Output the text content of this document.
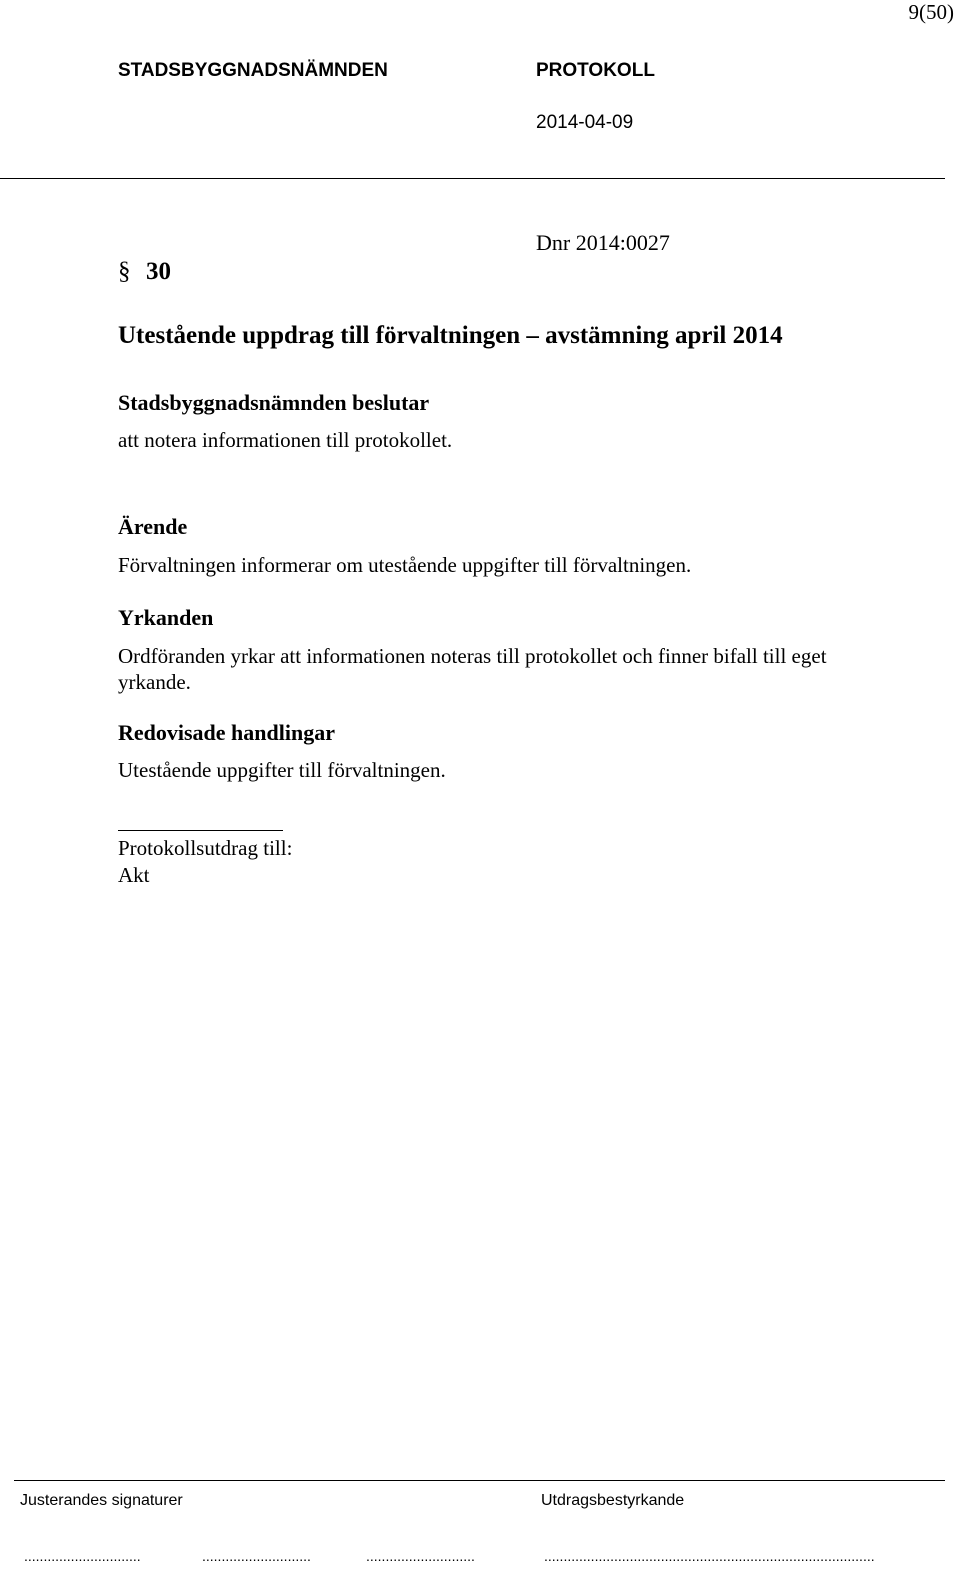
9(50)
STADSBYGGNADSNÄMNDEN	PROTOKOLL
2014-04-09
Dnr 2014:0027
§ 30
Utestående uppdrag till förvaltningen – avstämning april 2014
Stadsbyggnadsnämnden beslutar
att notera informationen till protokollet.
Ärende
Förvaltningen informerar om utestående uppgifter till förvaltningen.
Yrkanden
Ordföranden yrkar att informationen noteras till protokollet och finner bifall till eget yrkande.
Redovisade handlingar
Utestående uppgifter till förvaltningen.
Protokollsutdrag till:
Akt
Justerandes signaturer	Utdragsbestyrkande
..............................	............................	............................	.....................................................................................
